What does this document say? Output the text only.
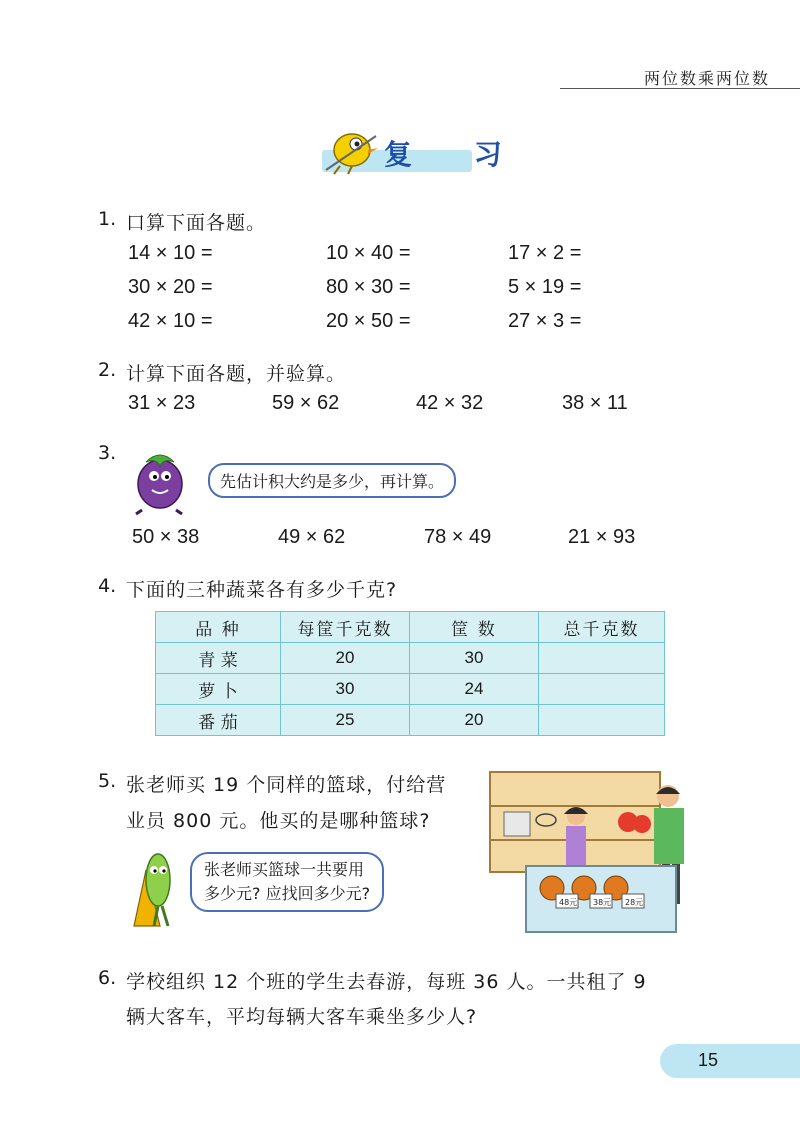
两位数乘两位数
复 习
1. 口算下面各题。
14 × 10 =	10 × 40 =	17 × 2 =
30 × 20 =	80 × 30 =	5 × 19 =
42 × 10 =	20 × 50 =	27 × 3 =
2. 计算下面各题，并验算。
31 × 23	59 × 62	42 × 32	38 × 11
3.
先估计积大约是多少，再计算。
50 × 38	49 × 62	78 × 49	21 × 93
4. 下面的三种蔬菜各有多少千克?
品 种	每筐千克数	筐 数	总千克数
青 菜	20	30	
萝 卜	30	24	
番 茄	25	20	
5. 张老师买 19 个同样的篮球，付给营
业员 800 元。他买的是哪种篮球?
张老师买篮球一共要用
多少元? 应找回多少元?	48元 38元 28元
6. 学校组织 12 个班的学生去春游，每班 36 人。一共租了 9
辆大客车，平均每辆大客车乘坐多少人?
15
